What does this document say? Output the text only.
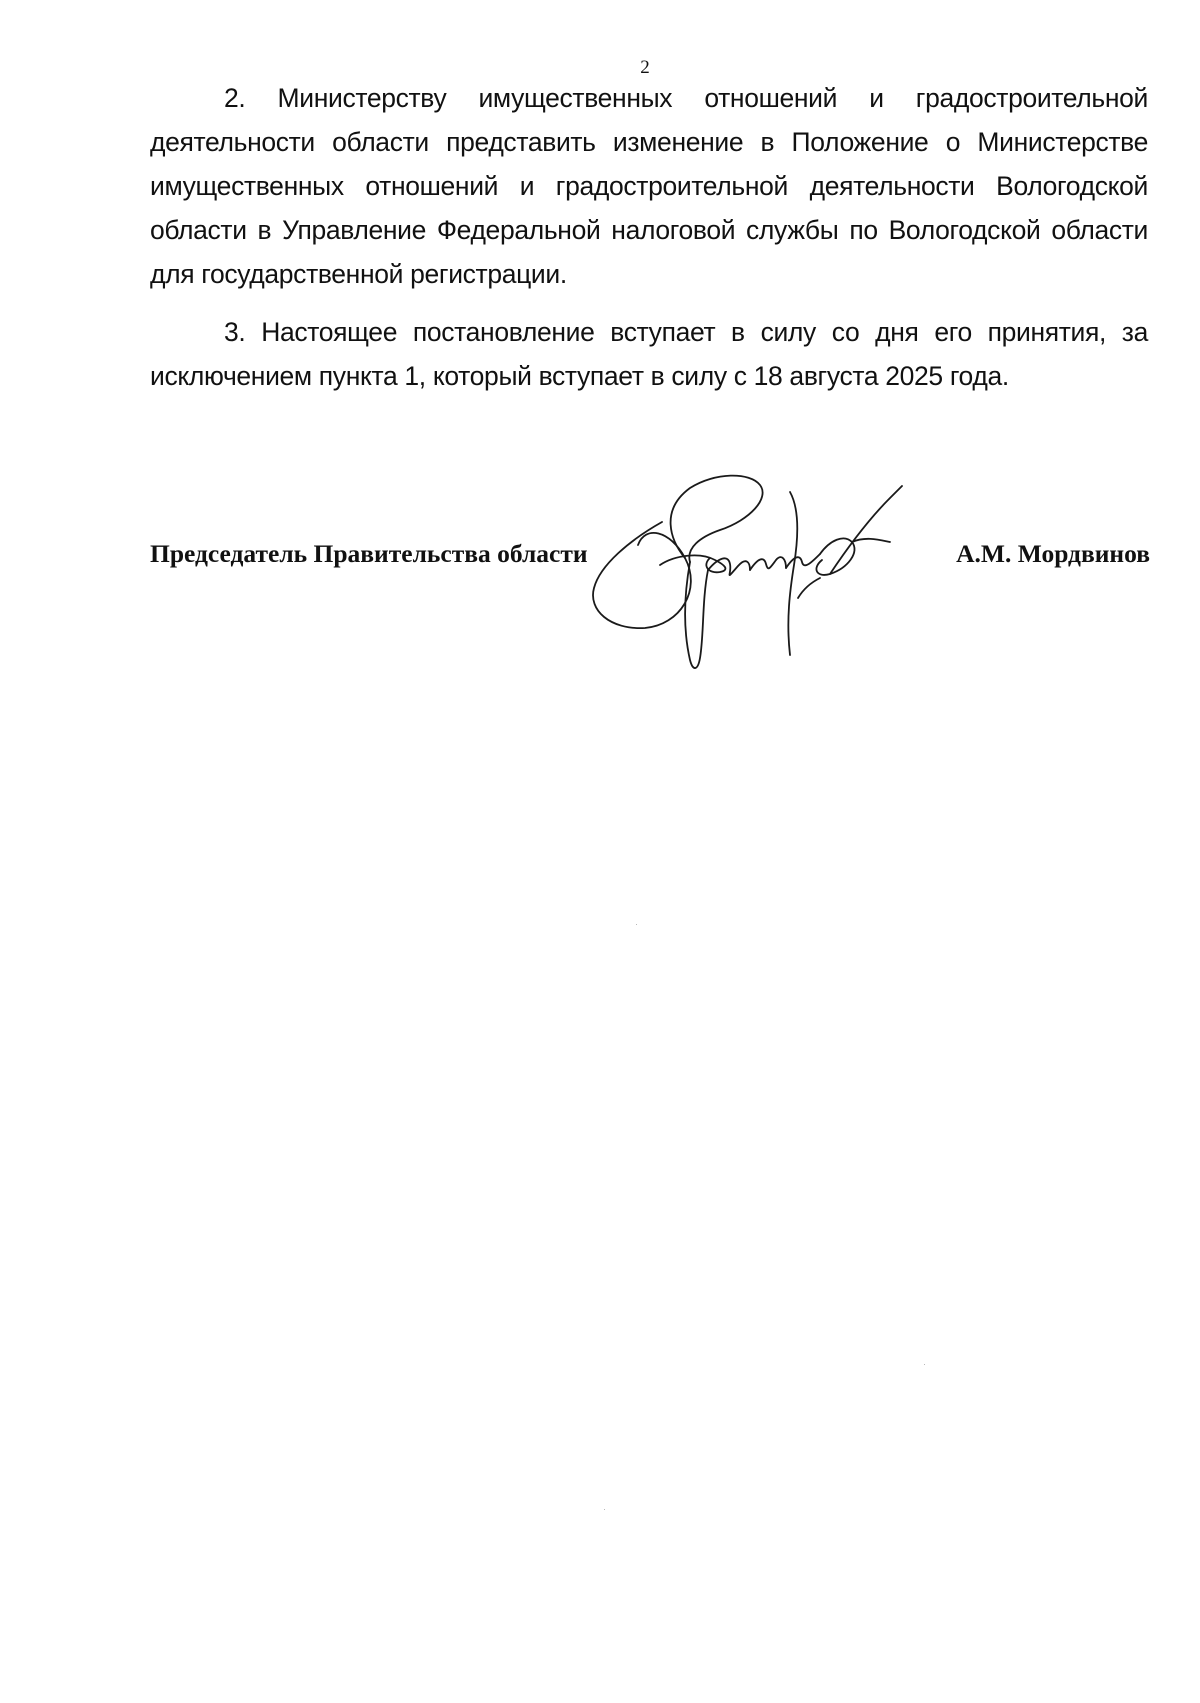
2

2. Министерству имущественных отношений и градостроительной деятельности области представить изменение в Положение о Министерстве имущественных отношений и градостроительной деятельности Вологодской области в Управление Федеральной налоговой службы по Вологодской области для государственной регистрации.

3. Настоящее постановление вступает в силу со дня его принятия, за исключением пункта 1, который вступает в силу с 18 августа 2025 года.

Председатель Правительства области	А.М. Мордвинов
